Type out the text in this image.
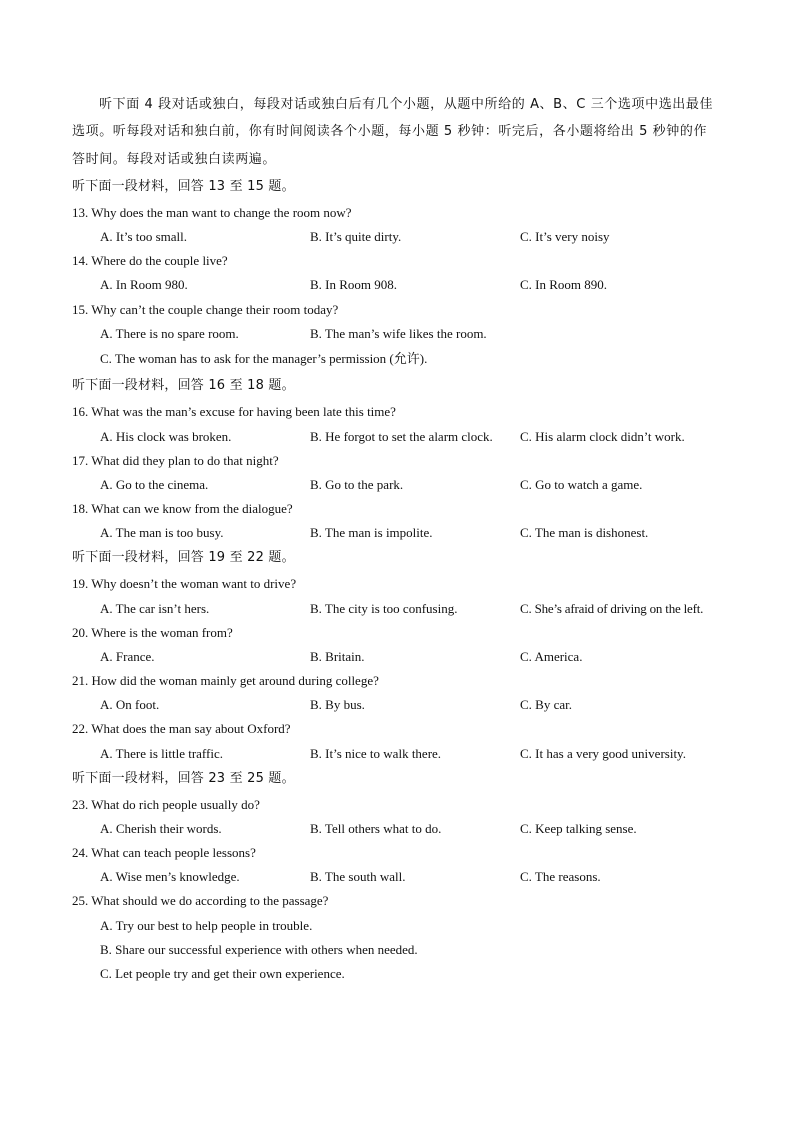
听下面 4 段对话或独白，每段对话或独白后有几个小题，从题中所给的 A、B、C 三个选项中选出最佳
选项。听每段对话和独白前，你有时间阅读各个小题，每小题 5 秒钟：听完后，各小题将给出 5 秒钟的作
答时间。每段对话或独白读两遍。
听下面一段材料，回答 13 至 15 题。
13. Why does the man want to change the room now?
A. It’s too small.	B. It’s quite dirty.	C. It’s very noisy
14. Where do the couple live?
A. In Room 980.	B. In Room 908.	C. In Room 890.
15. Why can’t the couple change their room today?
A. There is no spare room.	B. The man’s wife likes the room.
C. The woman has to ask for the manager’s permission (允许).
听下面一段材料，回答 16 至 18 题。
16. What was the man’s excuse for having been late this time?
A. His clock was broken.	B. He forgot to set the alarm clock. C. His alarm clock didn’t work.
17. What did they plan to do that night?
A. Go to the cinema.	B. Go to the park.	C. Go to watch a game.
18. What can we know from the dialogue?
A. The man is too busy.	B. The man is impolite.	C. The man is dishonest.
听下面一段材料，回答 19 至 22 题。
19. Why doesn’t the woman want to drive?
A. The car isn’t hers.	B. The city is too confusing.	C. She’s afraid of driving on the left.
20. Where is the woman from?
A. France.	B. Britain.	C. America.
21. How did the woman mainly get around during college?
A. On foot.	B. By bus.	C. By car.
22. What does the man say about Oxford?
A. There is little traffic.	B. It’s nice to walk there.	C. It has a very good university.
听下面一段材料，回答 23 至 25 题。
23. What do rich people usually do?
A. Cherish their words.	B. Tell others what to do.	C. Keep talking sense.
24. What can teach people lessons?
A. Wise men’s knowledge.	B. The south wall.	C. The reasons.
25. What should we do according to the passage?
A. Try our best to help people in trouble.
B. Share our successful experience with others when needed.
C. Let people try and get their own experience.
